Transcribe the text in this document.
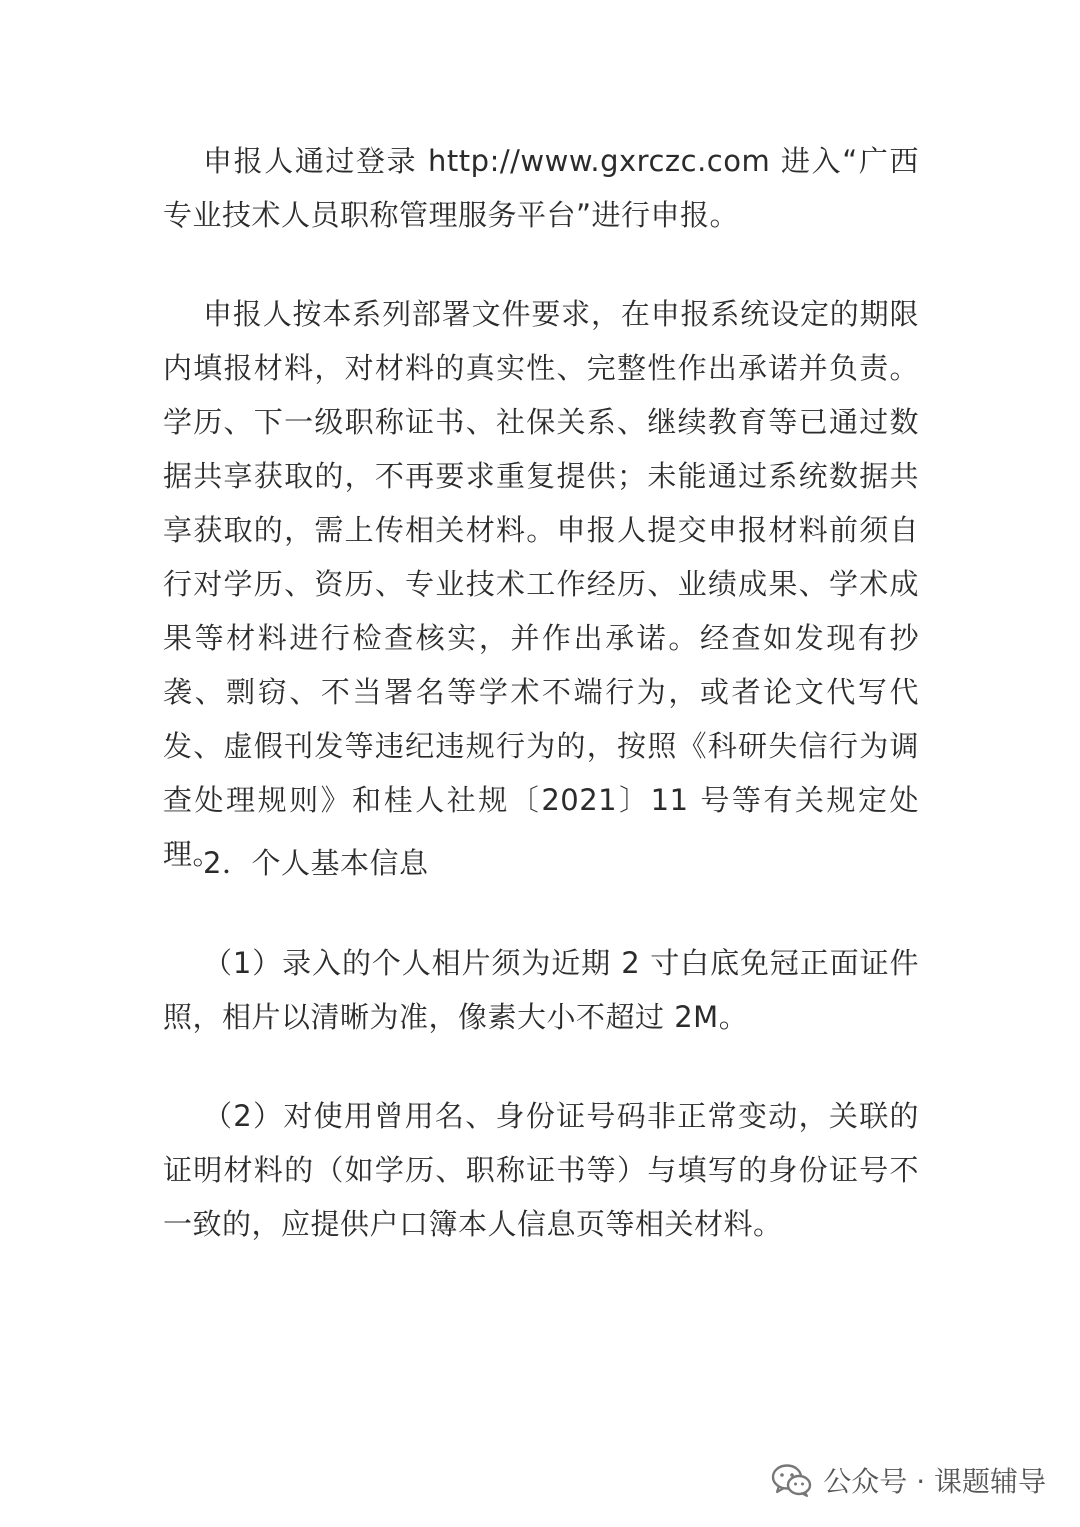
申报人通过登录 http://www.gxrczc.com 进入“广西专业技术人员职称管理服务平台”进行申报。

申报人按本系列部署文件要求，在申报系统设定的期限内填报材料，对材料的真实性、完整性作出承诺并负责。学历、下一级职称证书、社保关系、继续教育等已通过数据共享获取的，不再要求重复提供；未能通过系统数据共享获取的，需上传相关材料。申报人提交申报材料前须自行对学历、资历、专业技术工作经历、业绩成果、学术成果等材料进行检查核实，并作出承诺。经查如发现有抄袭、剽窃、不当署名等学术不端行为，或者论文代写代发、虚假刊发等违纪违规行为的，按照《科研失信行为调查处理规则》和桂人社规〔2021〕11 号等有关规定处理。

2．个人基本信息

（1）录入的个人相片须为近期 2 寸白底免冠正面证件照，相片以清晰为准，像素大小不超过 2M。

（2）对使用曾用名、身份证号码非正常变动，关联的证明材料的（如学历、职称证书等）与填写的身份证号不一致的，应提供户口簿本人信息页等相关材料。

公众号 · 课题辅导
